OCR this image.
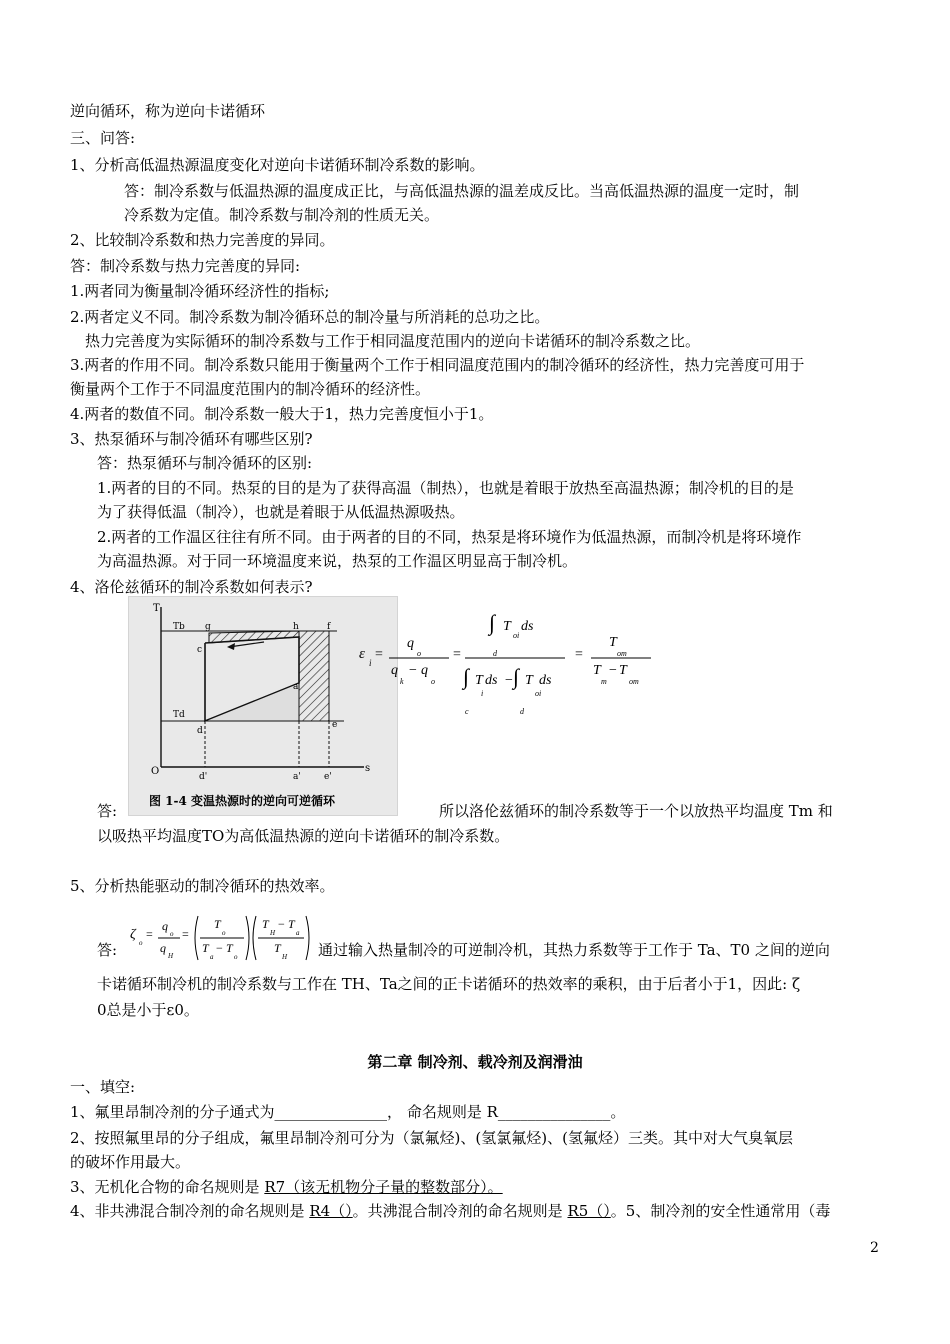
逆向循环，称为逆向卡诺循环
三、问答:
1、分析高低温热源温度变化对逆向卡诺循环制冷系数的影响。
答：制冷系数与低温热源的温度成正比，与高低温热源的温差成反比。当高低温热源的温度一定时，制
冷系数为定值。制冷系数与制冷剂的性质无关。
2、比较制冷系数和热力完善度的异同。
答：制冷系数与热力完善度的异同:
1.两者同为衡量制冷循环经济性的指标;
2.两者定义不同。制冷系数为制冷循环总的制冷量与所消耗的总功之比。
热力完善度为实际循环的制冷系数与工作于相同温度范围内的逆向卡诺循环的制冷系数之比。
3.两者的作用不同。制冷系数只能用于衡量两个工作于相同温度范围内的制冷循环的经济性，热力完善度可用于
衡量两个工作于不同温度范围内的制冷循环的经济性。
4.两者的数值不同。制冷系数一般大于1，热力完善度恒小于1。
3、热泵循环与制冷循环有哪些区别?
答：热泵循环与制冷循环的区别:
1.两者的目的不同。热泵的目的是为了获得高温（制热），也就是着眼于放热至高温热源；制冷机的目的是
为了获得低温（制冷），也就是着眼于从低温热源吸热。
2.两者的工作温区往往有所不同。由于两者的目的不同，热泵是将环境作为低温热源，而制冷机是将环境作
为高温热源。对于同一环境温度来说，热泵的工作温区明显高于制冷机。
4、洛伦兹循环的制冷系数如何表示?
T
s
O
Tb g	h	f
c
Td
d
a
e
d'	a'	e'
图 1-4 变温热源时的逆向可逆循环
ε
i
=
q
o
q
k
− q
o
=
∫ T
oi
ds
d
∫ T ds
i
− ∫ T ds
oi
c	d
=
T
om
T
m
− T
om
答:	所以洛伦兹循环的制冷系数等于一个以放热平均温度 Tm 和
以吸热平均温度TO为高低温热源的逆向卡诺循环的制冷系数。
5、分析热能驱动的制冷循环的热效率。
答:
ζ
o
=
q
o
q
H
=
T
o
T
a
− T
o
T
H
− T
a
T
H 通过输入热量制冷的可逆制冷机，其热力系数等于工作于 Ta、T0 之间的逆向
卡诺循环制冷机的制冷系数与工作在 TH、Ta之间的正卡诺循环的热效率的乘积，由于后者小于1，因此: ζ
0总是小于ε0。
第二章 制冷剂、载冷剂及润滑油
一、填空:
1、氟里昂制冷剂的分子通式为_______________， 命名规则是 R_______________。
2、按照氟里昂的分子组成，氟里昂制冷剂可分为（氯氟烃)、(氢氯氟烃)、(氢氟烃）三类。其中对大气臭氧层
的破坏作用最大。
3、无机化合物的命名规则是 R7（该无机物分子量的整数部分）。
4、非共沸混合制冷剂的命名规则是 R4（）。共沸混合制冷剂的命名规则是 R5（）。5、制冷剂的安全性通常用（毒
2
